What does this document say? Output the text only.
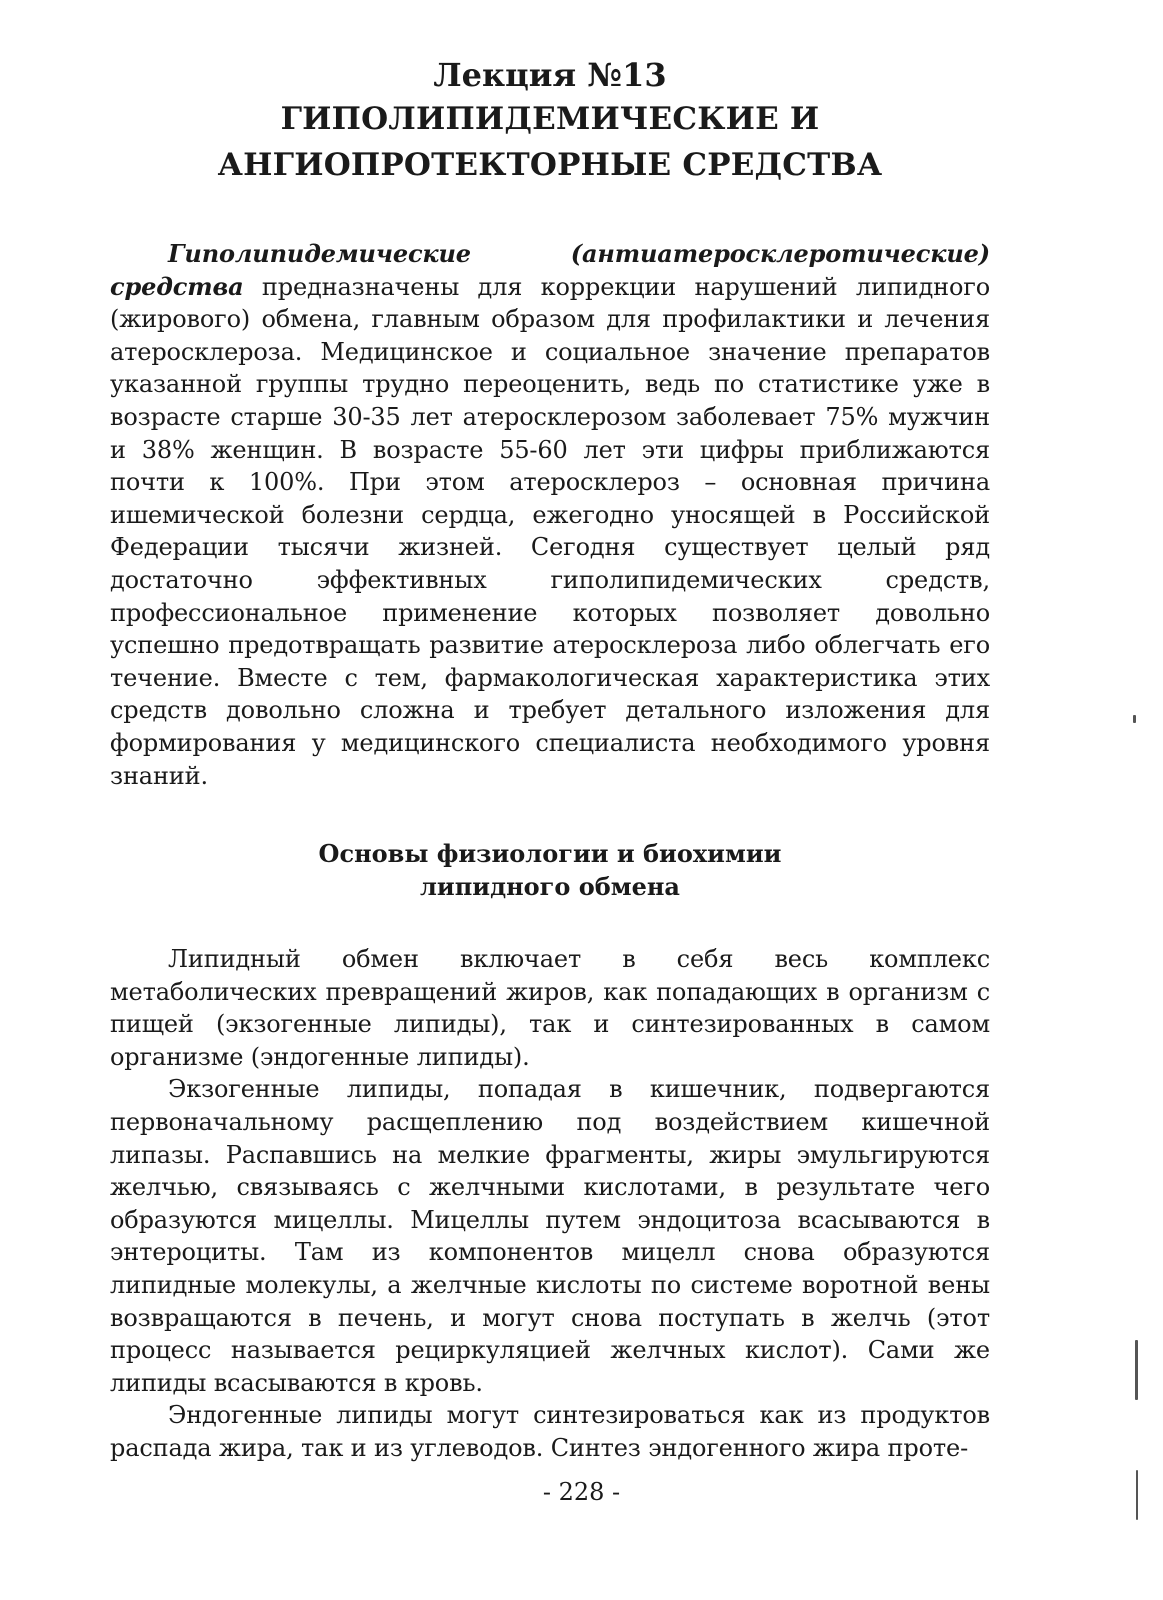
Лекция №13
ГИПОЛИПИДЕМИЧЕСКИЕ И
АНГИОПРОТЕКТОРНЫЕ СРЕДСТВА

Гиполипидемические (антиатеросклеротические) средства предназначены для коррекции нарушений липидного (жирового) обмена, главным образом для профилактики и лечения атеросклероза. Медицинское и социальное значение препаратов указанной группы трудно переоценить, ведь по статистике уже в возрасте старше 30-35 лет атеросклерозом заболевает 75% мужчин и 38% женщин. В возрасте 55-60 лет эти цифры приближаются почти к 100%. При этом атеросклероз – основная причина ишемической болезни сердца, ежегодно уносящей в Российской Федерации тысячи жизней. Сегодня существует целый ряд достаточно эффективных гиполипидемических средств, профессиональное применение которых позволяет довольно успешно предотвращать развитие атеросклероза либо облегчать его течение. Вместе с тем, фармакологическая характеристика этих средств довольно сложна и требует детального изложения для формирования у медицинского специалиста необходимого уровня знаний.

Основы физиологии и биохимии
липидного обмена

Липидный обмен включает в себя весь комплекс метаболических превращений жиров, как попадающих в организм с пищей (экзогенные липиды), так и синтезированных в самом организме (эндогенные липиды).

Экзогенные липиды, попадая в кишечник, подвергаются первоначальному расщеплению под воздействием кишечной липазы. Распавшись на мелкие фрагменты, жиры эмульгируются желчью, связываясь с желчными кислотами, в результате чего образуются мицеллы. Мицеллы путем эндоцитоза всасываются в энтероциты. Там из компонентов мицелл снова образуются липидные молекулы, а желчные кислоты по системе воротной вены возвращаются в печень, и могут снова поступать в желчь (этот процесс называется рециркуляцией желчных кислот). Сами же липиды всасываются в кровь.

Эндогенные липиды могут синтезироваться как из продуктов распада жира, так и из углеводов. Синтез эндогенного жира проте-

- 228 -
